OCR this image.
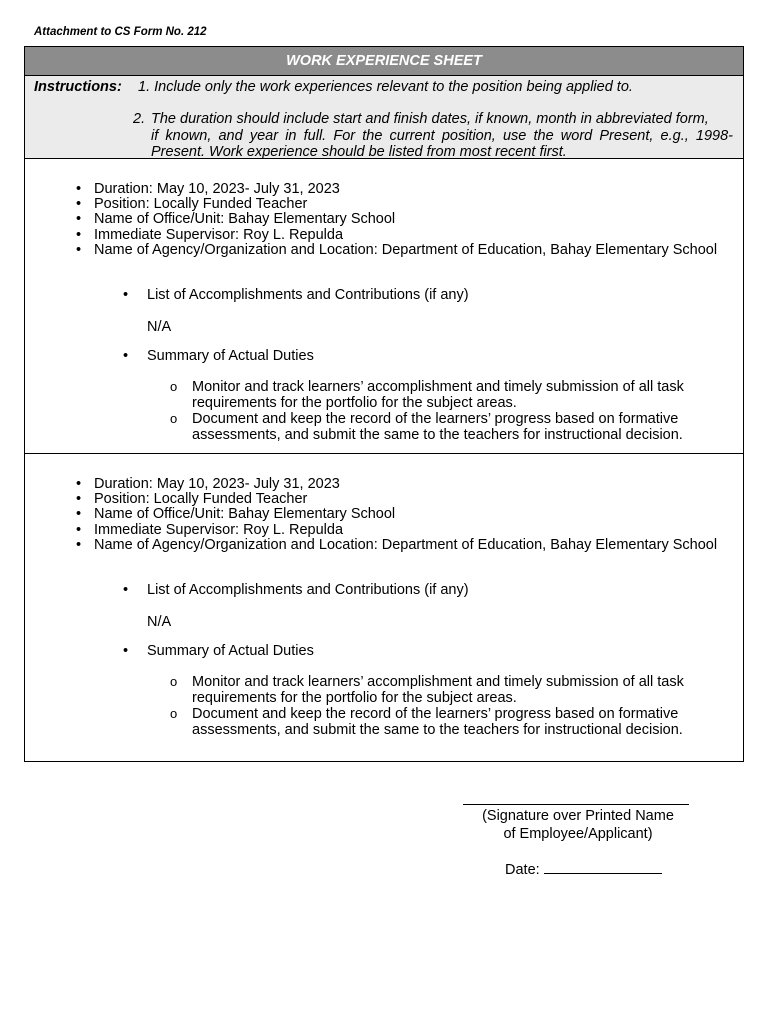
Attachment to CS Form No. 212
WORK EXPERIENCE SHEET
Instructions: 1. Include only the work experiences relevant to the position being applied to.
2. The duration should include start and finish dates, if known, month in abbreviated form,
if known, and year in full. For the current position, use the word Present, e.g., 1998-Present. Work experience should be listed from most recent first.
• Duration: May 10, 2023- July 31, 2023
• Position: Locally Funded Teacher
• Name of Office/Unit: Bahay Elementary School
• Immediate Supervisor: Roy L. Repulda
• Name of Agency/Organization and Location: Department of Education, Bahay Elementary School
• List of Accomplishments and Contributions (if any)
N/A
• Summary of Actual Duties
o Monitor and track learners’ accomplishment and timely submission of all task requirements for the portfolio for the subject areas.
o Document and keep the record of the learners’ progress based on formative assessments, and submit the same to the teachers for instructional decision.
• Duration: May 10, 2023- July 31, 2023
• Position: Locally Funded Teacher
• Name of Office/Unit: Bahay Elementary School
• Immediate Supervisor: Roy L. Repulda
• Name of Agency/Organization and Location: Department of Education, Bahay Elementary School
• List of Accomplishments and Contributions (if any)
N/A
• Summary of Actual Duties
o Monitor and track learners’ accomplishment and timely submission of all task requirements for the portfolio for the subject areas.
o Document and keep the record of the learners’ progress based on formative assessments, and submit the same to the teachers for instructional decision.
(Signature over Printed Name
of Employee/Applicant)
Date:
